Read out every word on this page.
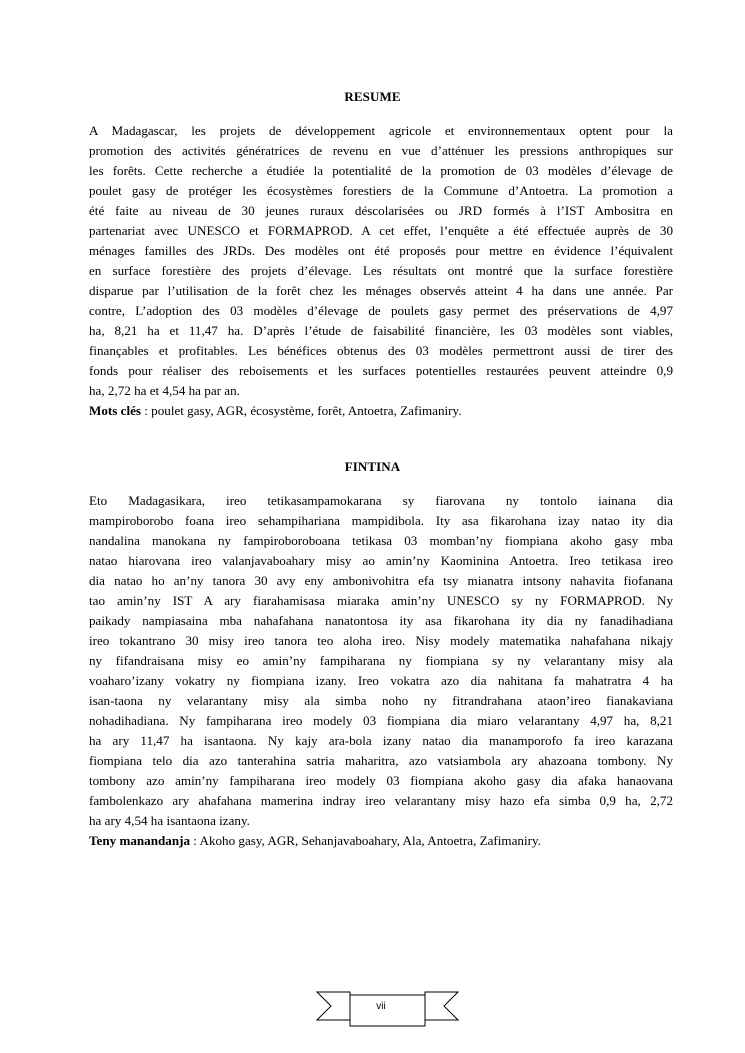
RESUME
A Madagascar, les projets de développement agricole et environnementaux optent pour la
promotion des activités génératrices de revenu en vue d’atténuer les pressions anthropiques sur
les forêts. Cette recherche a étudiée la potentialité de la promotion de 03 modèles d’élevage de
poulet gasy de protéger les écosystèmes forestiers de la Commune d’Antoetra. La promotion a
été faite au niveau de 30 jeunes ruraux déscolarisées ou JRD formés à l’IST Ambositra en
partenariat avec UNESCO et FORMAPROD. A cet effet, l’enquête a été effectuée auprès de 30
ménages familles des JRDs. Des modèles ont été proposés pour mettre en évidence l’équivalent
en surface forestière des projets d’élevage. Les résultats ont montré que la surface forestière
disparue par l’utilisation de la forêt chez les ménages observés atteint 4 ha dans une année. Par
contre, L’adoption des 03 modèles d’élevage de poulets gasy permet des préservations de 4,97
ha, 8,21 ha et 11,47 ha. D’après l’étude de faisabilité financière, les 03 modèles sont viables,
finançables et profitables. Les bénéfices obtenus des 03 modèles permettront aussi de tirer des
fonds pour réaliser des reboisements et les surfaces potentielles restaurées peuvent atteindre 0,9
ha, 2,72 ha et 4,54 ha par an.
Mots clés : poulet gasy, AGR, écosystème, forêt, Antoetra, Zafimaniry.
FINTINA
Eto Madagasikara, ireo tetikasampamokarana sy fiarovana ny tontolo iainana dia
mampiroborobo foana ireo sehampihariana mampidibola. Ity asa fikarohana izay natao ity dia
nandalina manokana ny fampiroboroboana tetikasa 03 momban’ny fiompiana akoho gasy mba
natao hiarovana ireo valanjavaboahary misy ao amin’ny Kaominina Antoetra. Ireo tetikasa ireo
dia natao ho an’ny tanora 30 avy eny ambonivohitra efa tsy mianatra intsony nahavita fiofanana
tao amin’ny IST A ary fiarahamisasa miaraka amin’ny UNESCO sy ny FORMAPROD. Ny
paikady nampiasaina mba nahafahana nanatontosa ity asa fikarohana ity dia ny fanadihadiana
ireo tokantrano 30 misy ireo tanora teo aloha ireo. Nisy modely matematika nahafahana nikajy
ny fifandraisana misy eo amin’ny fampiharana ny fiompiana sy ny velarantany misy ala
voaharo’izany vokatry ny fiompiana izany. Ireo vokatra azo dia nahitana fa mahatratra 4 ha
isan-taona ny velarantany misy ala simba noho ny fitrandrahana ataon’ireo fianakaviana
nohadihadiana. Ny fampiharana ireo modely 03 fiompiana dia miaro velarantany 4,97 ha, 8,21
ha ary 11,47 ha isantaona. Ny kajy ara-bola izany natao dia manamporofo fa ireo karazana
fiompiana telo dia azo tanterahina satria maharitra, azo vatsiambola ary ahazoana tombony. Ny
tombony azo amin’ny fampiharana ireo modely 03 fiompiana akoho gasy dia afaka hanaovana
fambolenkazo ary ahafahana mamerina indray ireo velarantany misy hazo efa simba 0,9 ha, 2,72
ha ary 4,54 ha isantaona izany.
Teny manandanja : Akoho gasy, AGR, Sehanjavaboahary, Ala, Antoetra, Zafimaniry.
vii
